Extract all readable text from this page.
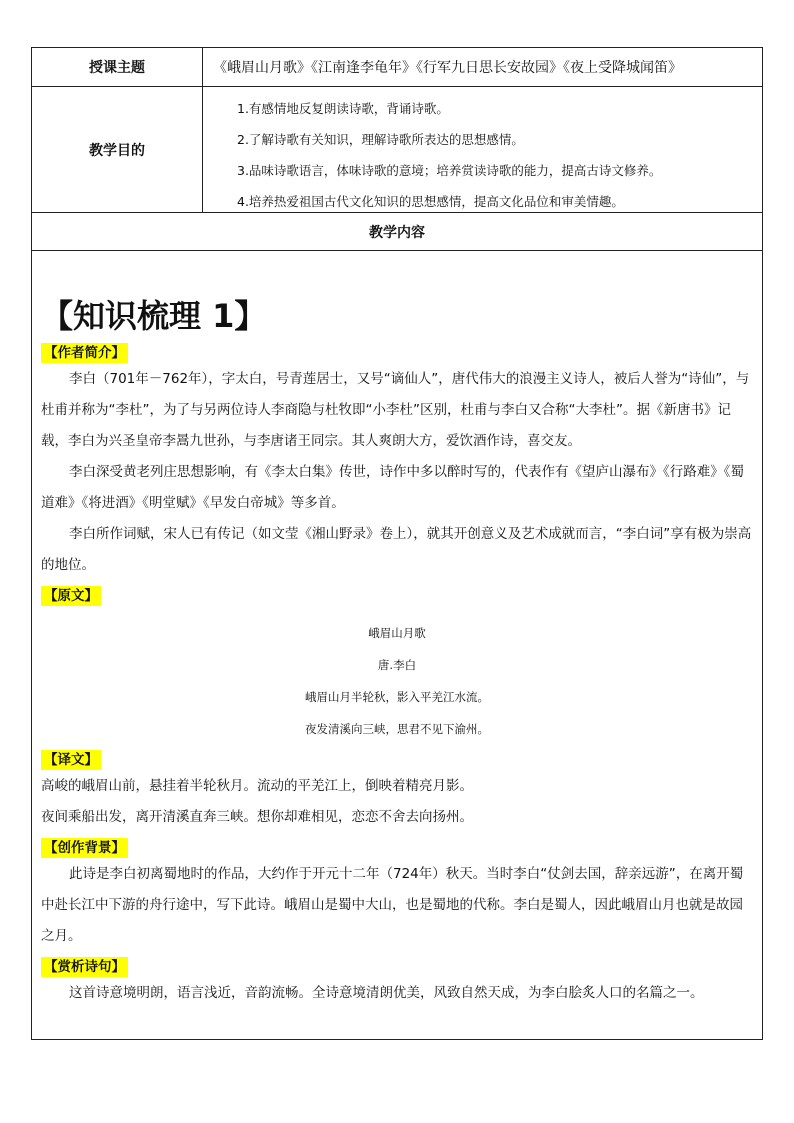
授课主题	《峨眉山月歌》《江南逢李龟年》《行军九日思长安故园》《夜上受降城闻笛》
教学目的
1.有感情地反复朗读诗歌，背诵诗歌。
2.了解诗歌有关知识，理解诗歌所表达的思想感情。
3.品味诗歌语言，体味诗歌的意境；培养赏读诗歌的能力，提高古诗文修养。
4.培养热爱祖国古代文化知识的思想感情，提高文化品位和审美情趣。
教学内容
【知识梳理 1】
【作者简介】

李白（701年－762年），字太白，号青莲居士，又号“谪仙人”，唐代伟大的浪漫主义诗人，被后人誉为“诗仙”，与杜甫并称为“李杜”，为了与另两位诗人李商隐与杜牧即“小李杜”区别，杜甫与李白又合称“大李杜”。据《新唐书》记载，李白为兴圣皇帝李暠九世孙，与李唐诸王同宗。其人爽朗大方，爱饮酒作诗，喜交友。

李白深受黄老列庄思想影响，有《李太白集》传世，诗作中多以醉时写的，代表作有《望庐山瀑布》《行路难》《蜀道难》《将进酒》《明堂赋》《早发白帝城》等多首。

李白所作词赋，宋人已有传记（如文莹《湘山野录》卷上），就其开创意义及艺术成就而言，“李白词”享有极为崇高的地位。

【原文】

峨眉山月歌

唐.李白

峨眉山月半轮秋，影入平羌江水流。

夜发清溪向三峡，思君不见下渝州。

【译文】

高峻的峨眉山前，悬挂着半轮秋月。流动的平羌江上，倒映着精亮月影。

夜间乘船出发，离开清溪直奔三峡。想你却难相见，恋恋不舍去向扬州。

【创作背景】

此诗是李白初离蜀地时的作品，大约作于开元十二年（724年）秋天。当时李白“仗剑去国，辞亲远游”，在离开蜀中赴长江中下游的舟行途中，写下此诗。峨眉山是蜀中大山，也是蜀地的代称。李白是蜀人，因此峨眉山月也就是故园之月。

【赏析诗句】

这首诗意境明朗，语言浅近，音韵流畅。全诗意境清朗优美，风致自然天成，为李白脍炙人口的名篇之一。
